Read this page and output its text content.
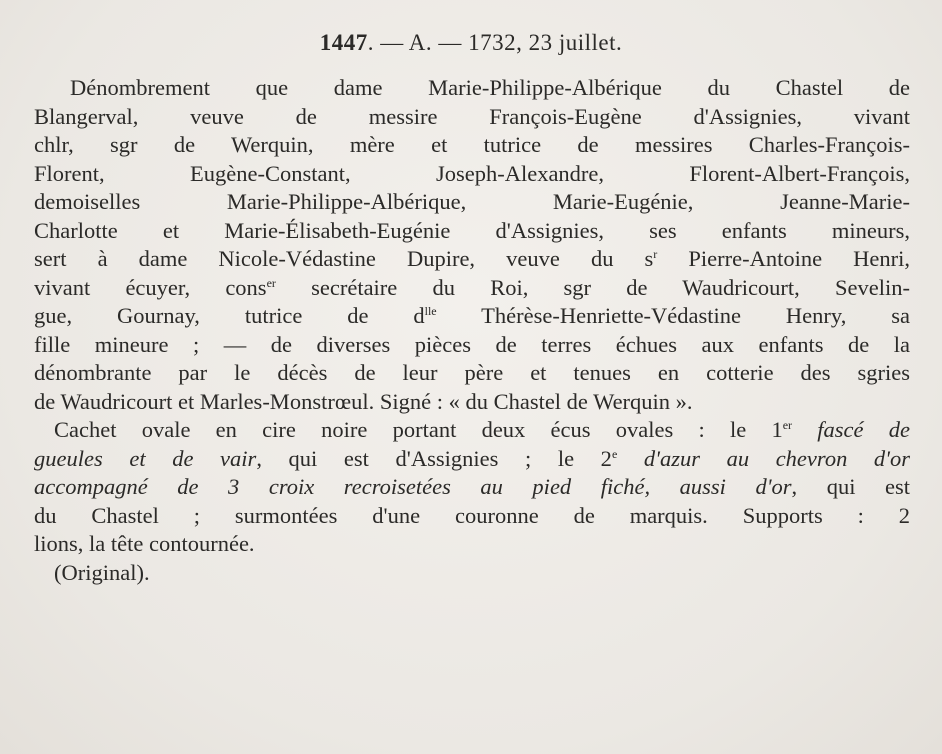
1447. — A. — 1732, 23 juillet.
Dénombrement que dame Marie-Philippe-Albérique du Chastel de
Blangerval, veuve de messire François-Eugène d'Assignies, vivant
chlr, sgr de Werquin, mère et tutrice de messires Charles-François-
Florent, Eugène-Constant, Joseph-Alexandre, Florent-Albert-François,
demoiselles Marie-Philippe-Albérique, Marie-Eugénie, Jeanne-Marie-
Charlotte et Marie-Élisabeth-Eugénie d'Assignies, ses enfants mineurs,
sert à dame Nicole-Védastine Dupire, veuve du $s^r$ Pierre-Antoine Henri,
vivant écuyer, cons$^{er}$ secrétaire du Roi, sgr de Waudricourt, Sevelin-
gue, Gournay, tutrice de $d^{lle}$ Thérèse-Henriette-Védastine Henry, sa
fille mineure ; — de diverses pièces de terres échues aux enfants de la
dénombrante par le décès de leur père et tenues en cotterie des sgries
de Waudricourt et Marles-Monstrœul. Signé : « du Chastel de Werquin ».
Cachet ovale en cire noire portant deux écus ovales : le 1er fascé de
gueules et de vair, qui est d'Assignies ; le 2e d'azur au chevron d'or
accompagné de 3 croix recroisetées au pied fiché, aussi d'or, qui est
du Chastel ; surmontées d'une couronne de marquis. Supports : 2
lions, la tête contournée.
(Original).
